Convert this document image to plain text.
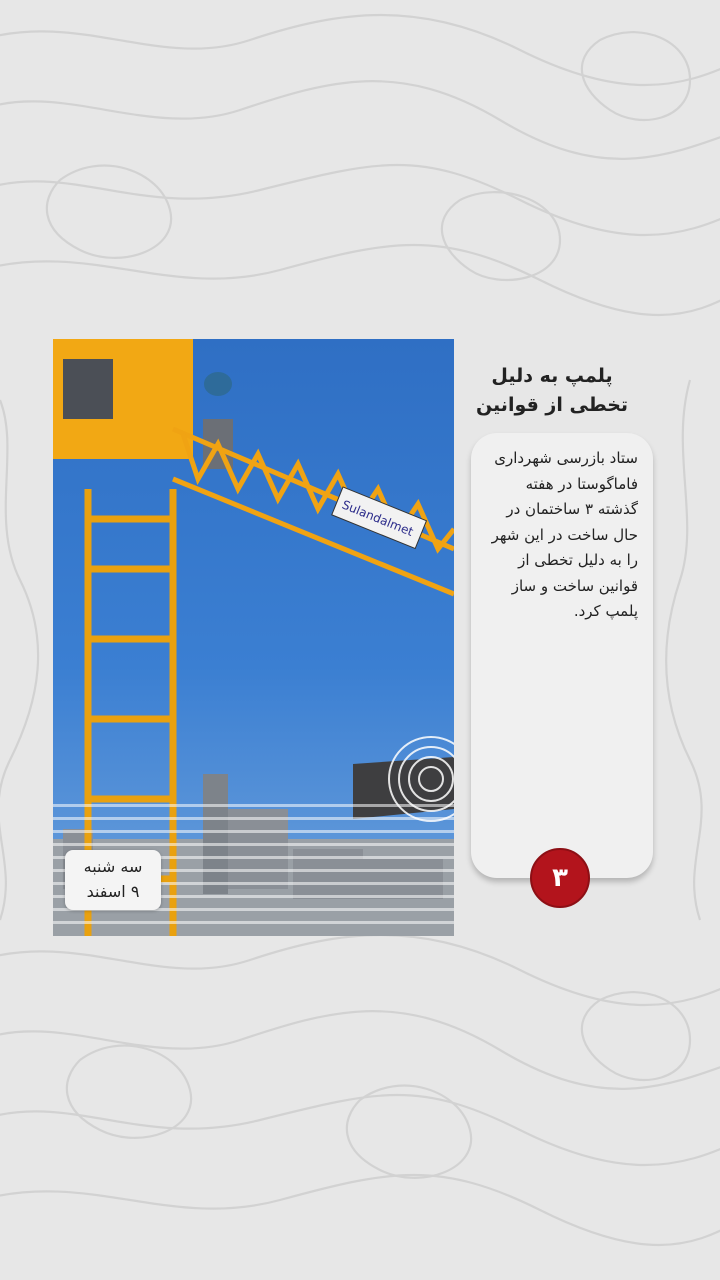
Sulandalmet
سه شنبه
۹ اسفند
پلمپ به دلیل تخطی از قوانین
ستاد بازرسی شهرداری فاماگوستا در هفته گذشته ۳ ساختمان در حال ساخت در این شهر را به دلیل تخطی از قوانین ساخت و ساز پلمپ کرد.
۳
